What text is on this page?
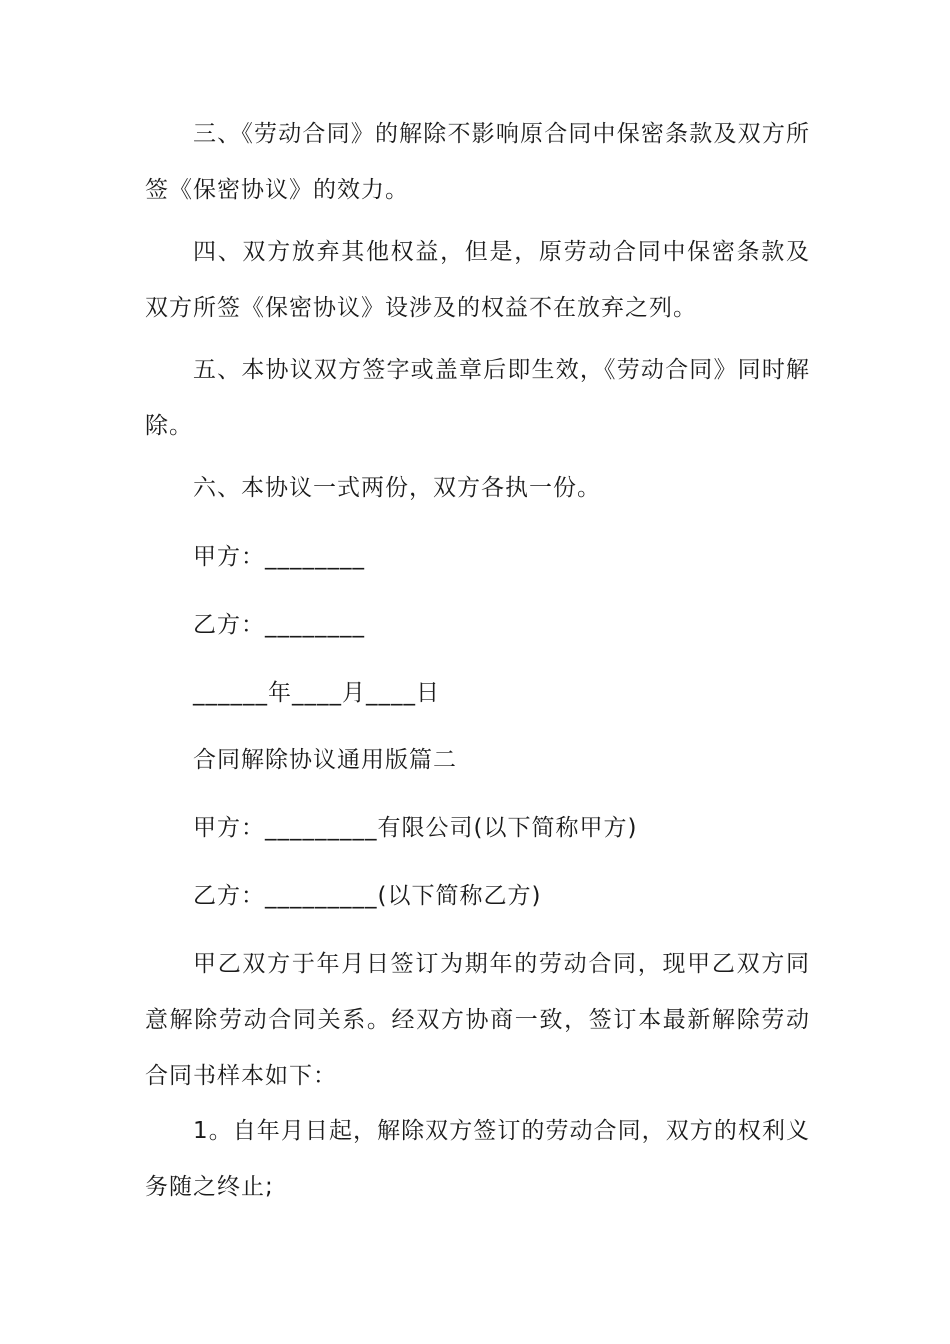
三、《劳动合同》的解除不影响原合同中保密条款及双方所签《保密协议》的效力。

四、双方放弃其他权益，但是，原劳动合同中保密条款及双方所签《保密协议》设涉及的权益不在放弃之列。

五、本协议双方签字或盖章后即生效，《劳动合同》同时解除。

六、本协议一式两份，双方各执一份。

甲方：________

乙方：________

______年____月____日

合同解除协议通用版篇二

甲方：_________有限公司(以下简称甲方)

乙方：_________(以下简称乙方)

甲乙双方于年月日签订为期年的劳动合同，现甲乙双方同意解除劳动合同关系。经双方协商一致，签订本最新解除劳动合同书样本如下：

1。自年月日起，解除双方签订的劳动合同，双方的权利义务随之终止;
